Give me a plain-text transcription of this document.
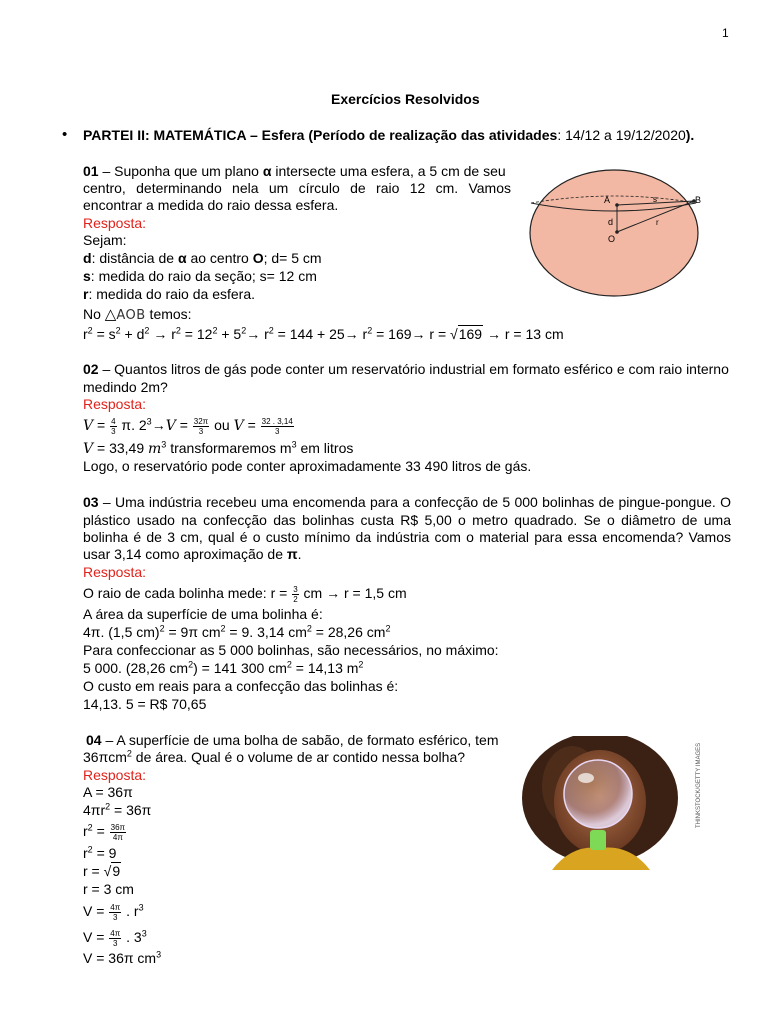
1
Exercícios Resolvidos
• PARTEI II: MATEMÁTICA – Esfera (Período de realização das atividades: 14/12 a 19/12/2020).
01 – Suponha que um plano α intersecte uma esfera, a 5 cm de seu
centro, determinando nela um círculo de raio 12 cm. Vamos
encontrar a medida do raio dessa esfera.
Resposta:
Sejam:
d: distância de α ao centro O; d= 5 cm
s: medida do raio da seção; s= 12 cm
r: medida do raio da esfera.
No △AOB temos:
$r^2 = s^2 + d^2 \to r^2 = 12^2 + 5^2\to r^2 = 144 + 25\to r^2 = 169\to r = √169 \to r = 13$ cm
A	B
O
d
s
r
02 – Quantos litros de gás pode conter um reservatório industrial em formato esférico e com raio interno
medindo 2m?
Resposta:
$V = \frac{4}{3} \pi$. $2^3\to V = \frac{32\pi}{3}$ ou $V = \frac{32 . 3,14}{3}$
V = 33,49 $m^3$ transformaremos $m^3$ em litros
Logo, o reservatório pode conter aproximadamente 33 490 litros de gás.
03 – Uma indústria recebeu uma encomenda para a confecção de 5 000 bolinhas de pingue-pongue. O
plástico usado na confecção das bolinhas custa R$ 5,00 o metro quadrado. Se o diâmetro de uma
bolinha é de 3 cm, qual é o custo mínimo da indústria com o material para essa encomenda? Vamos
usar 3,14 como aproximação de π.
Resposta:
O raio de cada bolinha mede: $r = \frac{3}{2}$ cm → r = 1,5 cm
A área da superfície de uma bolinha é:
4π. (1,5 cm)$^2$ = 9π $cm^2 = 9$. 3,14 $cm^2 = 28,26$ $cm^2$
Para confeccionar as 5 000 bolinhas, são necessários, no máximo:
5 000. (28,26 $cm^2) = 141$ 300 $cm^2 = 14,13$ $m^2$
O custo em reais para a confecção das bolinhas é:
14,13. 5 = R$ 70,65
04 – A superfície de uma bolha de sabão, de formato esférico, tem
36πcm$^2$ de área. Qual é o volume de ar contido nessa bolha?
Resposta:
A = 36π
$4\pi r^2 = 36\pi$
$r^2 = \frac{36\pi}{4\pi}$
$r^2 = 9$
r = √9
r = 3 cm
$V = \frac{4\pi}{3}$ . $r^3$
$V = \frac{4\pi}{3}$ . $3^3$
V = 36π $cm^3$
THINKSTOCK/GETTY IMAGES
